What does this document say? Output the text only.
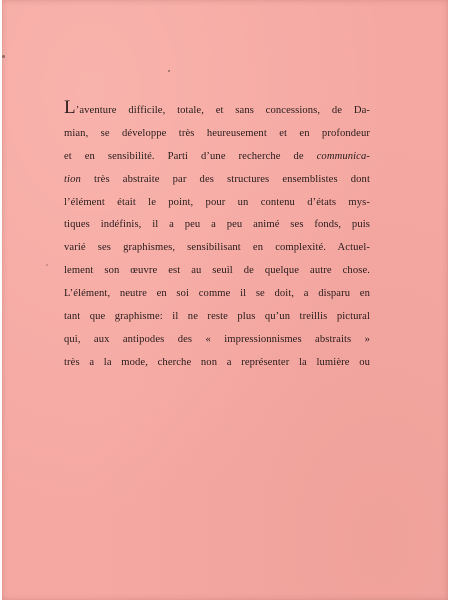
L’aventure difficile, totale, et sans concessions, de Da-
mian, se développe très heureusement et en profondeur
et en sensibilité. Parti d’une recherche de communica-
tion très abstraite par des structures ensemblistes dont
l’élément était le point, pour un contenu d’états mys-
tiques indéfinis, il a peu a peu animé ses fonds, puis
varié ses graphismes, sensibilisant en complexité. Actuel-
lement son œuvre est au seuil de quelque autre chose.
L’élément, neutre en soi comme il se doit, a disparu en
tant que graphisme: il ne reste plus qu’un treillis pictural
qui, aux antipodes des « impressionnismes abstraits »
très a la mode, cherche non a représenter la lumière ou
